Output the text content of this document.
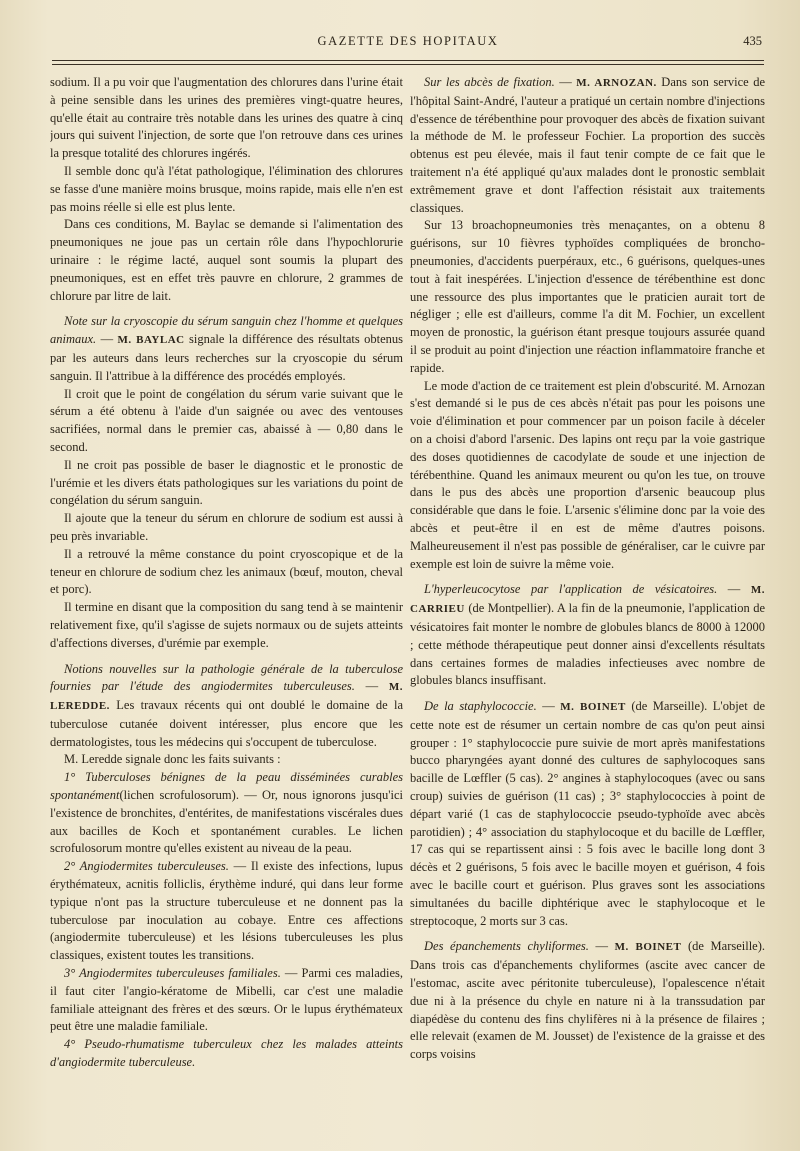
GAZETTE DES HOPITAUX	435

sodium. Il a pu voir que l'augmentation des chlorures dans l'urine était à peine sensible dans les urines des premières vingt-quatre heures, qu'elle était au contraire très notable dans les urines des quatre à cinq jours qui suivent l'injection, de sorte que l'on retrouve dans ces urines la presque totalité des chlorures ingérés.

Il semble donc qu'à l'état pathologique, l'élimination des chlorures se fasse d'une manière moins brusque, moins rapide, mais elle n'en est pas moins réelle si elle est plus lente.

Dans ces conditions, M. Baylac se demande si l'alimentation des pneumoniques ne joue pas un certain rôle dans l'hypochlorurie urinaire : le régime lacté, auquel sont soumis la plupart des pneumoniques, est en effet très pauvre en chlorure, 2 grammes de chlorure par litre de lait.

Note sur la cryoscopie du sérum sanguin chez l'homme et quelques animaux. — M. BAYLAC signale la différence des résultats obtenus par les auteurs dans leurs recherches sur la cryoscopie du sérum sanguin. Il l'attribue à la différence des procédés employés.

Il croit que le point de congélation du sérum varie suivant que le sérum a été obtenu à l'aide d'un saignée ou avec des ventouses sacrifiées, normal dans le premier cas, abaissé à — 0,80 dans le second.

Il ne croit pas possible de baser le diagnostic et le pronostic de l'urémie et les divers états pathologiques sur les variations du point de congélation du sérum sanguin.

Il ajoute que la teneur du sérum en chlorure de sodium est aussi à peu près invariable.

Il a retrouvé la même constance du point cryoscopique et de la teneur en chlorure de sodium chez les animaux (bœuf, mouton, cheval et porc).

Il termine en disant que la composition du sang tend à se maintenir relativement fixe, qu'il s'agisse de sujets normaux ou de sujets atteints d'affections diverses, d'urémie par exemple.

Notions nouvelles sur la pathologie générale de la tuberculose fournies par l'étude des angiodermites tuberculeuses. — M. LEREDDE. Les travaux récents qui ont doublé le domaine de la tuberculose cutanée doivent intéresser, plus encore que les dermatologistes, tous les médecins qui s'occupent de tuberculose.

M. Leredde signale donc les faits suivants :

1° Tuberculoses bénignes de la peau disséminées curables spontanément(lichen scrofulosorum). — Or, nous ignorons jusqu'ici l'existence de bronchites, d'entérites, de manifestations viscérales dues aux bacilles de Koch et spontanément curables. Le lichen scrofulosorum montre qu'elles existent au niveau de la peau.

2° Angiodermites tuberculeuses. — Il existe des infections, lupus érythémateux, acnitis folliclis, érythème induré, qui dans leur forme typique n'ont pas la structure tuberculeuse et ne donnent pas la tuberculose par inoculation au cobaye. Entre ces affections (angiodermite tuberculeuse) et les lésions tuberculeuses les plus classiques, existent toutes les transitions.

3° Angiodermites tuberculeuses familiales. — Parmi ces maladies, il faut citer l'angio-kératome de Mibelli, car c'est une maladie familiale atteignant des frères et des sœurs. Or le lupus érythémateux peut être une maladie familiale.

4° Pseudo-rhumatisme tuberculeux chez les malades atteints d'angiodermite tuberculeuse.

Sur les abcès de fixation. — M. ARNOZAN. Dans son service de l'hôpital Saint-André, l'auteur a pratiqué un certain nombre d'injections d'essence de térébenthine pour provoquer des abcès de fixation suivant la méthode de M. le professeur Fochier. La proportion des succès obtenus est peu élevée, mais il faut tenir compte de ce fait que le traitement n'a été appliqué qu'aux malades dont le pronostic semblait extrêmement grave et dont l'affection résistait aux traitements classiques.

Sur 13 broachopneumonies très menaçantes, on a obtenu 8 guérisons, sur 10 fièvres typhoïdes compliquées de broncho-pneumonies, d'accidents puerpéraux, etc., 6 guérisons, quelques-unes tout à fait inespérées. L'injection d'essence de térébenthine est donc une ressource des plus importantes que le praticien aurait tort de négliger ; elle est d'ailleurs, comme l'a dit M. Fochier, un excellent moyen de pronostic, la guérison étant presque toujours assurée quand il se produit au point d'injection une réaction inflammatoire franche et rapide.

Le mode d'action de ce traitement est plein d'obscurité. M. Arnozan s'est demandé si le pus de ces abcès n'était pas pour les poisons une voie d'élimination et pour commencer par un poison facile à déceler on a choisi d'abord l'arsenic. Des lapins ont reçu par la voie gastrique des doses quotidiennes de cacodylate de soude et une injection de térébenthine. Quand les animaux meurent ou qu'on les tue, on trouve dans le pus des abcès une proportion d'arsenic beaucoup plus considérable que dans le foie. L'arsenic s'élimine donc par la voie des abcès et peut-être il en est de même d'autres poisons. Malheureusement il n'est pas possible de généraliser, car le cuivre par exemple est loin de suivre la même voie.

L'hyperleucocytose par l'application de vésicatoires. — M. CARRIEU (de Montpellier). A la fin de la pneumonie, l'application de vésicatoires fait monter le nombre de globules blancs de 8000 à 12000 ; cette méthode thérapeutique peut donner ainsi d'excellents résultats dans certaines formes de maladies infectieuses avec nombre de globules blancs insuffisant.

De la staphylococcie. — M. BOINET (de Marseille). L'objet de cette note est de résumer un certain nombre de cas qu'on peut ainsi grouper : 1° staphylococcie pure suivie de mort après manifestations bucco pharyngées ayant donné des cultures de saphylocoques sans bacille de Lœffler (5 cas). 2° angines à staphylocoques (avec ou sans croup) suivies de guérison (11 cas) ; 3° staphylococcies à point de départ varié (1 cas de staphylococcie pseudo-typhoïde avec abcès parotidien) ; 4° association du staphylocoque et du bacille de Lœffler, 17 cas qui se repartissent ainsi : 5 fois avec le bacille long dont 3 décès et 2 guérisons, 5 fois avec le bacille moyen et guérison, 4 fois avec le bacille court et guérison. Plus graves sont les associations simultanées du bacille diphtérique avec le staphylocoque et le streptocoque, 2 morts sur 3 cas.

Des épanchements chyliformes. — M. BOINET (de Marseille). Dans trois cas d'épanchements chyliformes (ascite avec cancer de l'estomac, ascite avec péritonite tuberculeuse), l'opalescence n'était due ni à la présence du chyle en nature ni à la transsudation par diapédèse du contenu des fins chylifères ni à la présence de filaires ; elle relevait (examen de M. Jousset) de l'existence de la graisse et des corps voisins
